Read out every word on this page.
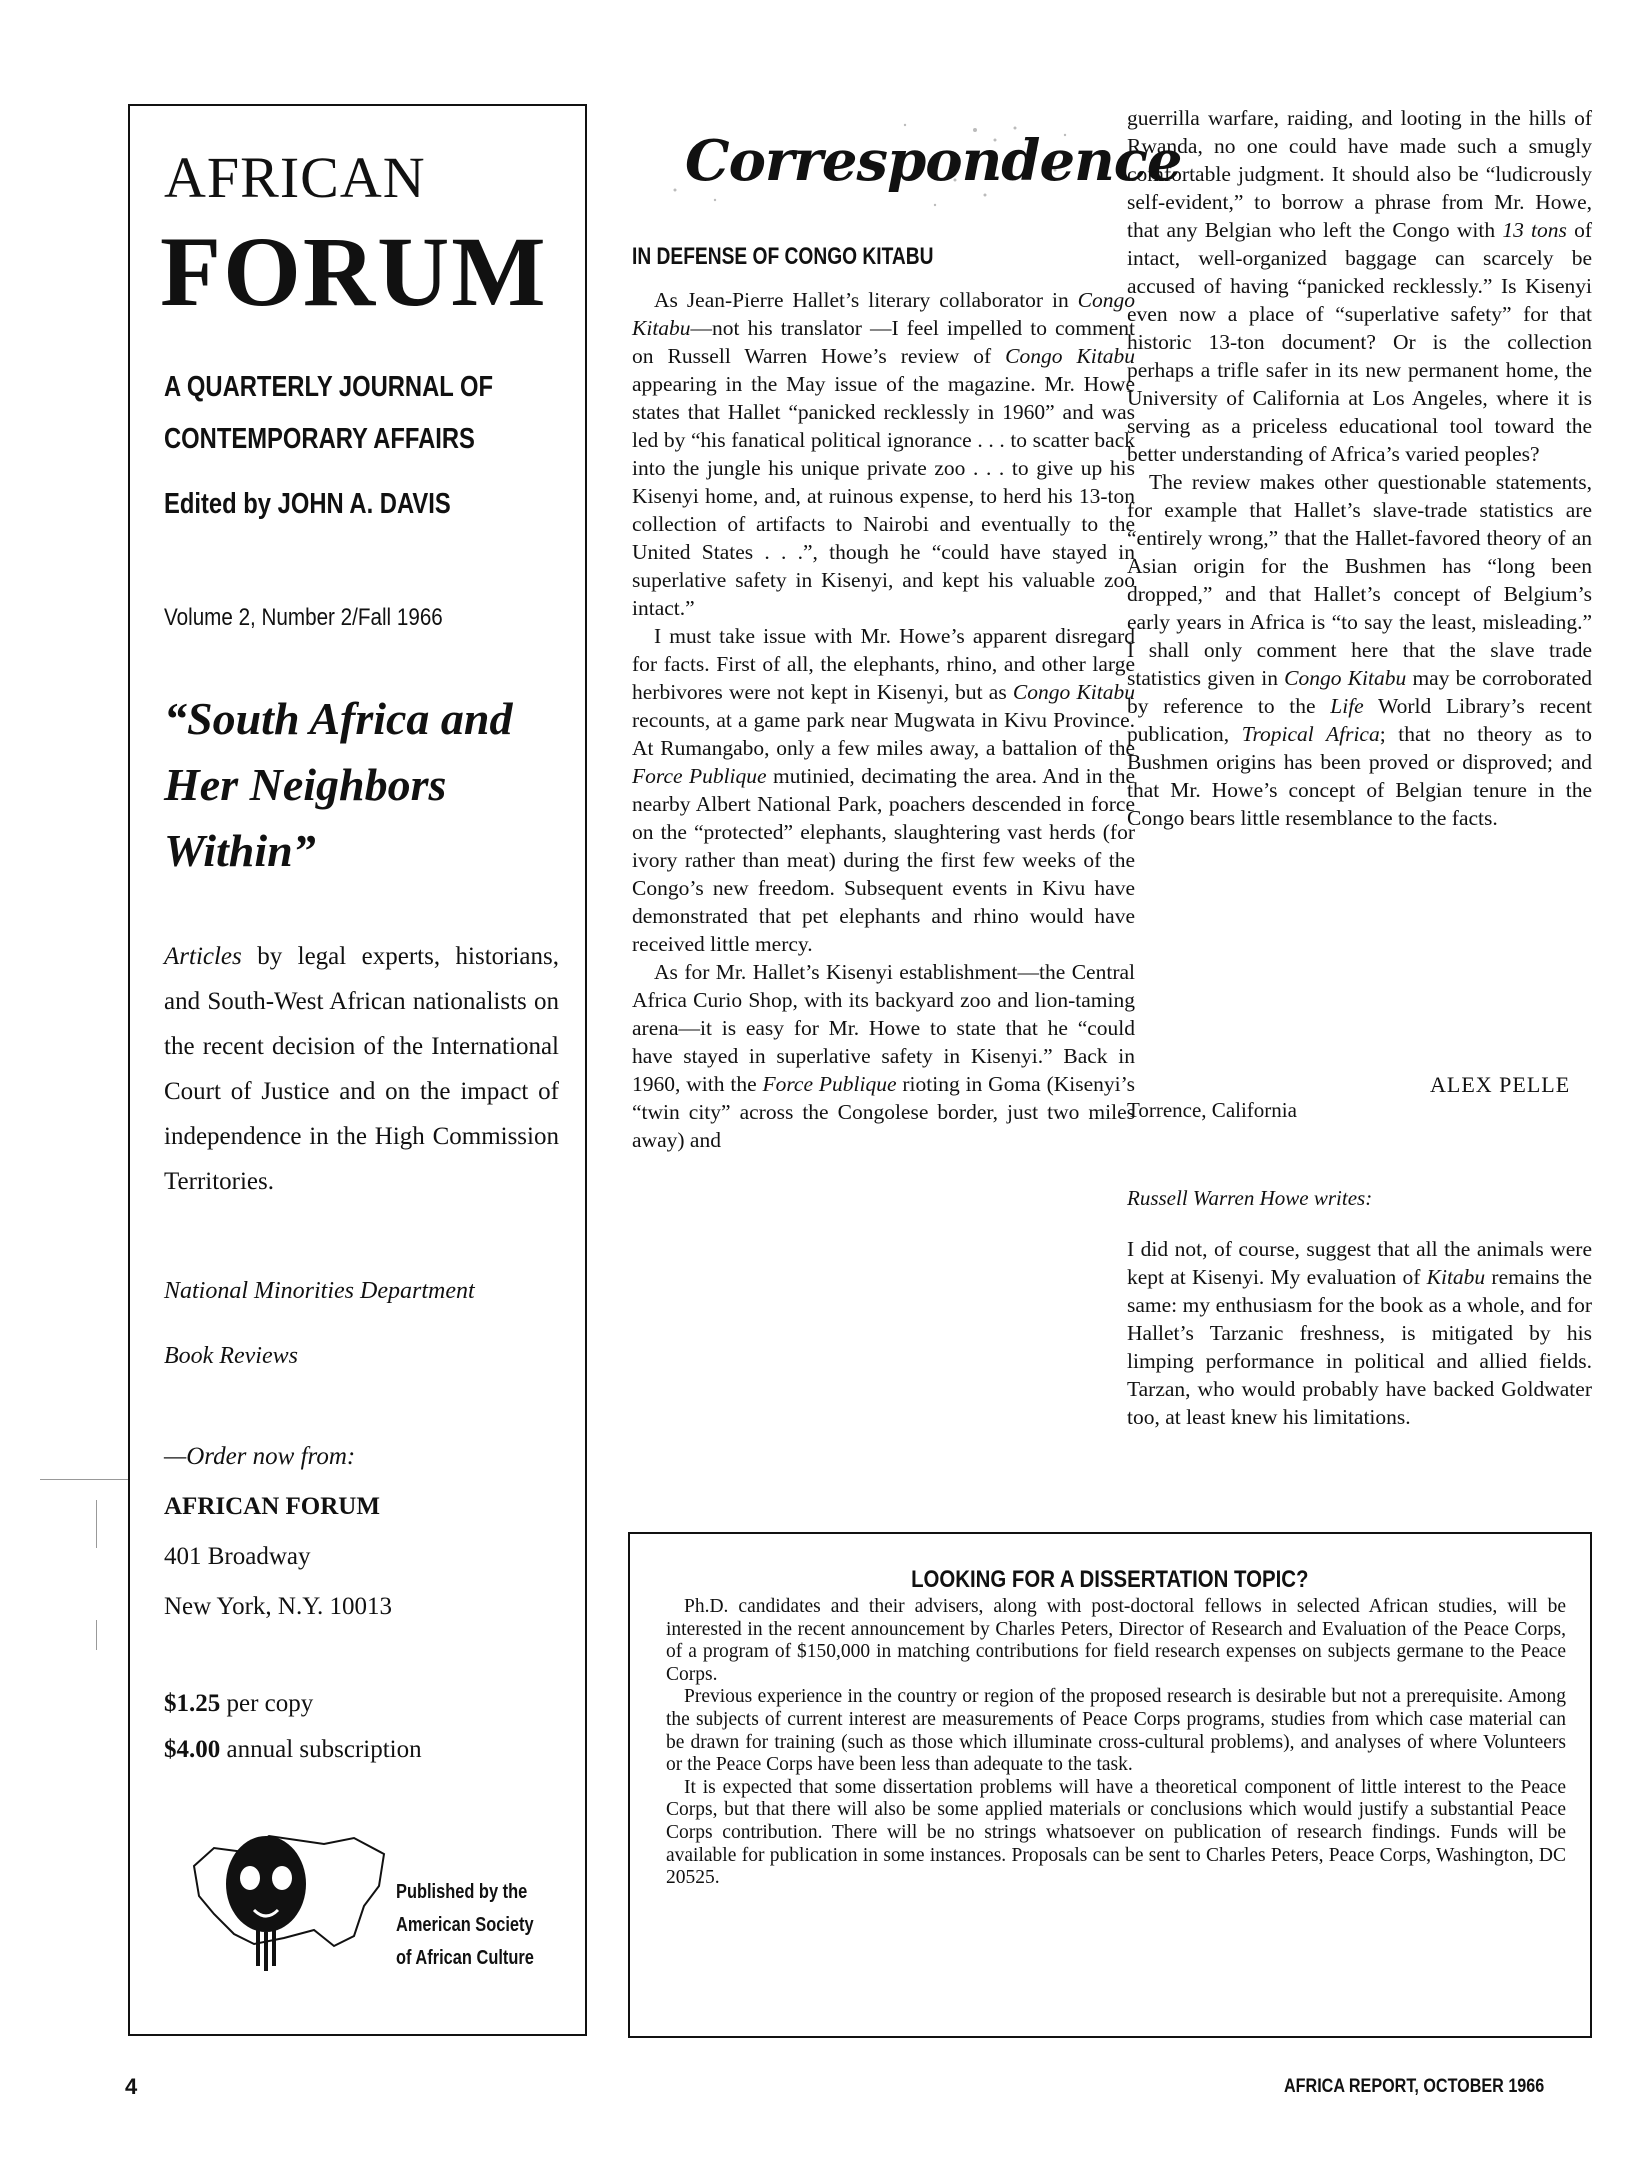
AFRICAN
FORUM
A QUARTERLY JOURNAL OF
CONTEMPORARY AFFAIRS
Edited by JOHN A. DAVIS
Volume 2, Number 2/Fall 1966
“South Africa and
Her Neighbors
Within”
Articles by legal experts, historians, and South-West African nationalists on the recent decision of the International Court of Justice and on the impact of independence in the High Commission Territories.
National Minorities Department
Book Reviews
—Order now from:
AFRICAN FORUM
401 Broadway
New York, N.Y. 10013
$1.25 per copy
$4.00 annual subscription
Published by the
American Society
of African Culture
Correspondence
IN DEFENSE OF CONGO KITABU

As Jean-Pierre Hallet’s literary collaborator in Congo Kitabu—not his translator —I feel impelled to comment on Russell Warren Howe’s review of Congo Kitabu appearing in the May issue of the magazine. Mr. Howe states that Hallet “panicked recklessly in 1960” and was led by “his fanatical political ignorance . . . to scatter back into the jungle his unique private zoo . . . to give up his Kisenyi home, and, at ruinous expense, to herd his 13-ton collection of artifacts to Nairobi and eventually to the United States . . .”, though he “could have stayed in superlative safety in Kisenyi, and kept his valuable zoo intact.”

I must take issue with Mr. Howe’s apparent disregard for facts. First of all, the elephants, rhino, and other large herbivores were not kept in Kisenyi, but as Congo Kitabu recounts, at a game park near Mugwata in Kivu Province. At Rumangabo, only a few miles away, a battalion of the Force Publique mutinied, decimating the area. And in the nearby Albert National Park, poachers descended in force on the “protected” elephants, slaughtering vast herds (for ivory rather than meat) during the first few weeks of the Congo’s new freedom. Subsequent events in Kivu have demonstrated that pet elephants and rhino would have received little mercy.

As for Mr. Hallet’s Kisenyi establishment—the Central Africa Curio Shop, with its backyard zoo and lion-taming arena—it is easy for Mr. Howe to state that he “could have stayed in superlative safety in Kisenyi.” Back in 1960, with the Force Publique rioting in Goma (Kisenyi’s “twin city” across the Congolese border, just two miles away) and

guerrilla warfare, raiding, and looting in the hills of Rwanda, no one could have made such a smugly comfortable judgment. It should also be “ludicrously self-evident,” to borrow a phrase from Mr. Howe, that any Belgian who left the Congo with 13 tons of intact, well-organized baggage can scarcely be accused of having “panicked recklessly.” Is Kisenyi even now a place of “superlative safety” for that historic 13-ton document? Or is the collection perhaps a trifle safer in its new permanent home, the University of California at Los Angeles, where it is serving as a priceless educational tool toward the better understanding of Africa’s varied peoples?

The review makes other questionable statements, for example that Hallet’s slave-trade statistics are “entirely wrong,” that the Hallet-favored theory of an Asian origin for the Bushmen has “long been dropped,” and that Hallet’s concept of Belgium’s early years in Africa is “to say the least, misleading.” I shall only comment here that the slave trade statistics given in Congo Kitabu may be corroborated by reference to the Life World Library’s recent publication, Tropical Africa; that no theory as to Bushmen origins has been proved or disproved; and that Mr. Howe’s concept of Belgian tenure in the Congo bears little resemblance to the facts.

ALEX PELLE
Torrence, California
Russell Warren Howe writes:

I did not, of course, suggest that all the animals were kept at Kisenyi. My evaluation of Kitabu remains the same: my enthusiasm for the book as a whole, and for Hallet’s Tarzanic freshness, is mitigated by his limping performance in political and allied fields. Tarzan, who would probably have backed Goldwater too, at least knew his limitations.

LOOKING FOR A DISSERTATION TOPIC?

Ph.D. candidates and their advisers, along with post-doctoral fellows in selected African studies, will be interested in the recent announcement by Charles Peters, Director of Research and Evaluation of the Peace Corps, of a program of $150,000 in matching contributions for field research expenses on subjects germane to the Peace Corps.

Previous experience in the country or region of the proposed research is desirable but not a prerequisite. Among the subjects of current interest are measurements of Peace Corps programs, studies from which case material can be drawn for training (such as those which illuminate cross-cultural problems), and analyses of where Volunteers or the Peace Corps have been less than adequate to the task.

It is expected that some dissertation problems will have a theoretical component of little interest to the Peace Corps, but that there will also be some applied materials or conclusions which would justify a substantial Peace Corps contribution. There will be no strings whatsoever on publication of research findings. Funds will be available for publication in some instances. Proposals can be sent to Charles Peters, Peace Corps, Washington, DC 20525.

4	AFRICA REPORT, OCTOBER 1966
